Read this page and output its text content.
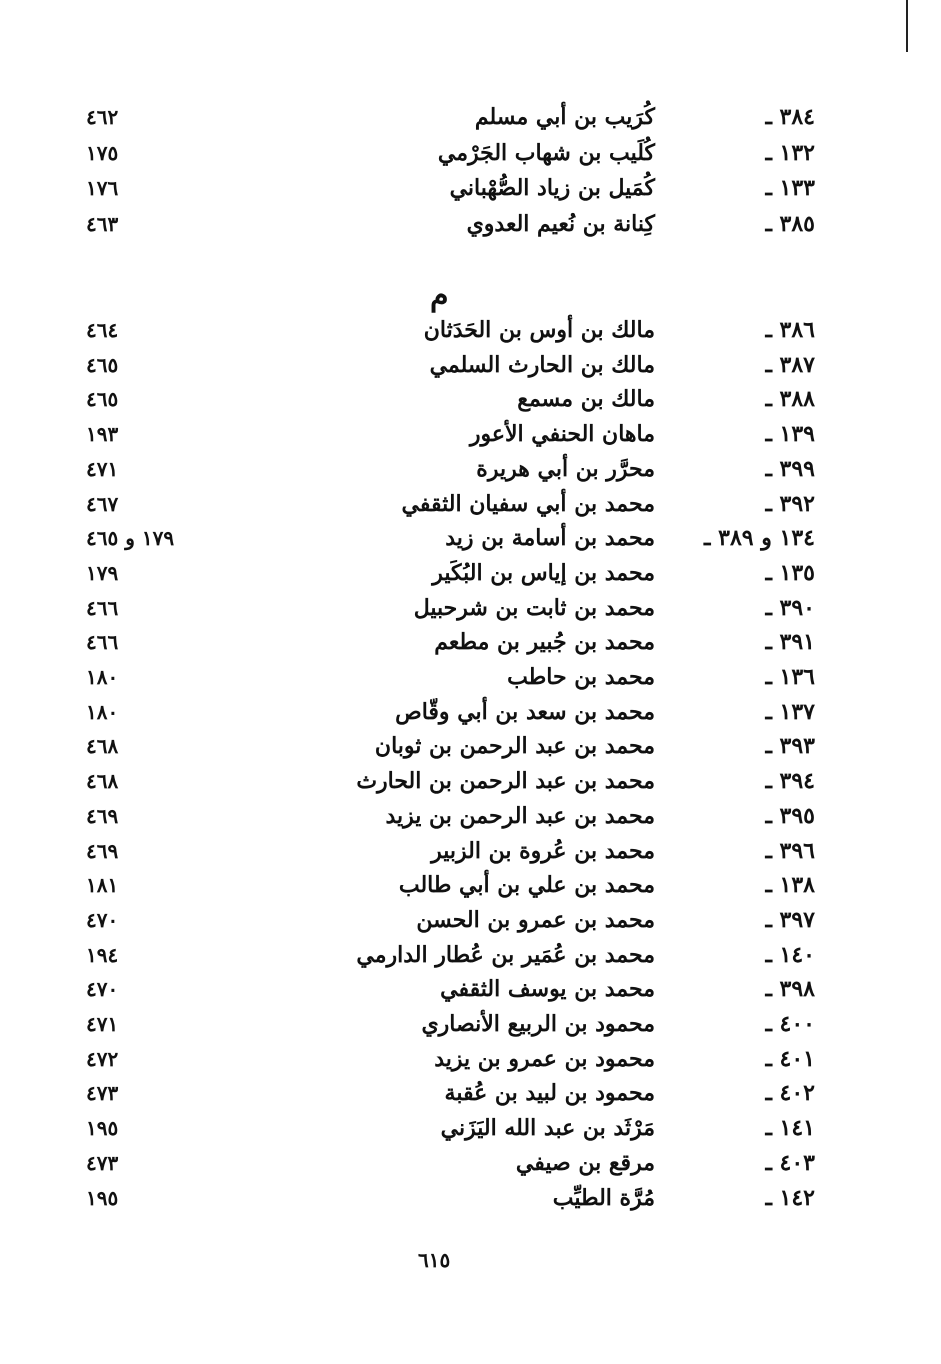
٣٨٤ ـ
كُرَيب بن أبي مسلم
٤٦٢
١٣٢ ـ
كُلَيب بن شهاب الجَرْمي
١٧٥
١٣٣ ـ
كُمَيل بن زياد الصُّهْباني
١٧٦
٣٨٥ ـ
كِنانة بن نُعيم العدوي
٤٦٣
م
٣٨٦ ـ
مالك بن أوس بن الحَدَثان
٤٦٤
٣٨٧ ـ
مالك بن الحارث السلمي
٤٦٥
٣٨٨ ـ
مالك بن مسمع
٤٦٥
١٣٩ ـ
ماهان الحنفي الأعور
١٩٣
٣٩٩ ـ
محرَّر بن أبي هريرة
٤٧١
٣٩٢ ـ
محمد بن أبي سفيان الثقفي
٤٦٧
١٣٤ و ٣٨٩ ـ
محمد بن أسامة بن زيد
١٧٩ و ٤٦٥
١٣٥ ـ
محمد بن إياس بن البُكَير
١٧٩
٣٩٠ ـ
محمد بن ثابت بن شرحبيل
٤٦٦
٣٩١ ـ
محمد بن جُبير بن مطعم
٤٦٦
١٣٦ ـ
محمد بن حاطب
١٨٠
١٣٧ ـ
محمد بن سعد بن أبي وقّاص
١٨٠
٣٩٣ ـ
محمد بن عبد الرحمن بن ثوبان
٤٦٨
٣٩٤ ـ
محمد بن عبد الرحمن بن الحارث
٤٦٨
٣٩٥ ـ
محمد بن عبد الرحمن بن يزيد
٤٦٩
٣٩٦ ـ
محمد بن عُروة بن الزبير
٤٦٩
١٣٨ ـ
محمد بن علي بن أبي طالب
١٨١
٣٩٧ ـ
محمد بن عمرو بن الحسن
٤٧٠
١٤٠ ـ
محمد بن عُمَير بن عُطار الدارمي
١٩٤
٣٩٨ ـ
محمد بن يوسف الثقفي
٤٧٠
٤٠٠ ـ
محمود بن الربيع الأنصاري
٤٧١
٤٠١ ـ
محمود بن عمرو بن يزيد
٤٧٢
٤٠٢ ـ
محمود بن لبيد بن عُقبة
٤٧٣
١٤١ ـ
مَرْثَد بن عبد الله اليَزَني
١٩٥
٤٠٣ ـ
مرقع بن صيفي
٤٧٣
١٤٢ ـ
مُرَّة الطيِّب
١٩٥
٦١٥
